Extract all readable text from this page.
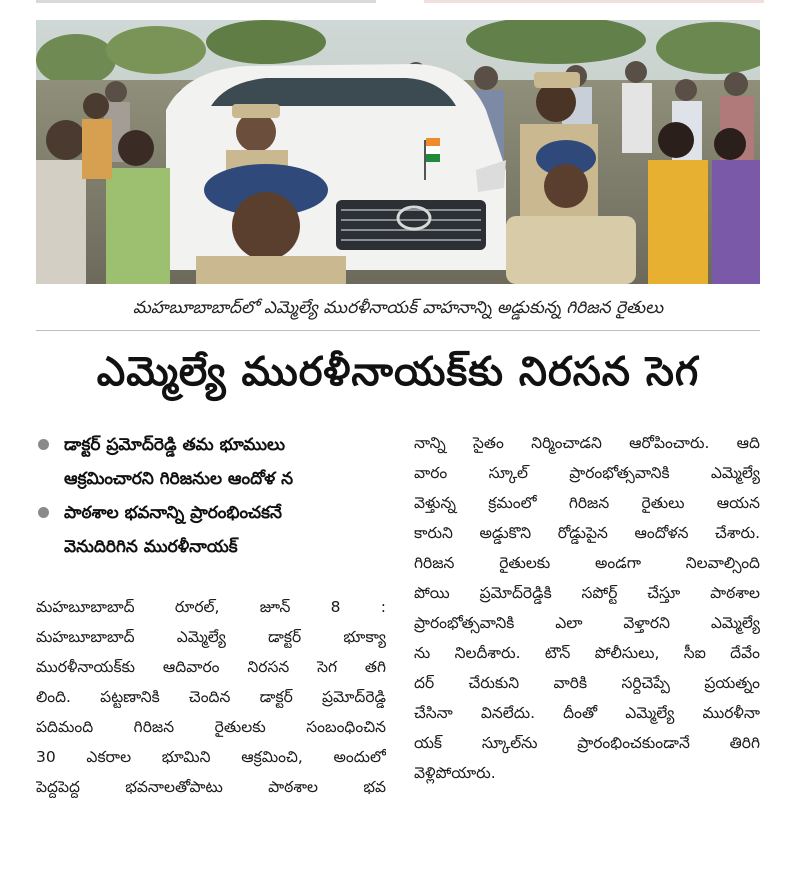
మహబూబాబాద్‌లో ఎమ్మెల్యే మురళీనాయక్ వాహనాన్ని అడ్డుకున్న గిరిజన రైతులు
ఎమ్మెల్యే మురళీనాయక్‌కు నిరసన సెగ
డాక్టర్ ప్రమోద్‌రెడ్డి తమ భూములు
ఆక్రమించారని గిరిజనుల ఆందోళ న
పాఠశాల భవనాన్ని ప్రారంభించకనే
వెనుదిరిగిన మురళీనాయక్
మహబూబాబాద్ రూరల్, జూన్ 8 :
మహబూబాబాద్ ఎమ్మెల్యే డాక్టర్ భూక్యా
మురళీనాయక్‌కు ఆదివారం నిరసన సెగ తగి
లింది. పట్టణానికి చెందిన డాక్టర్ ప్రమోద్‌రెడ్డి
పదిమంది గిరిజన రైతులకు సంబంధించిన
30 ఎకరాల భూమిని ఆక్రమించి, అందులో
పెద్దపెద్ద భవనాలతోపాటు పాఠశాల భవ
నాన్ని సైతం నిర్మించాడని ఆరోపించారు. ఆది
వారం స్కూల్ ప్రారంభోత్సవానికి ఎమ్మెల్యే
వెళ్తున్న క్రమంలో గిరిజన రైతులు ఆయన
కారుని అడ్డుకొని రోడ్డుపైన ఆందోళన చేశారు.
గిరిజన రైతులకు అండగా నిలవాల్సింది
పోయి ప్రమోద్‌రెడ్డికి సపోర్ట్ చేస్తూ పాఠశాల
ప్రారంభోత్సవానికి ఎలా వెళ్తారని ఎమ్మెల్యే
ను నిలదీశారు. టౌన్ పోలీసులు, సీఐ దేవేం
దర్ చేరుకుని వారికి సర్దిచెప్పే ప్రయత్నం
చేసినా వినలేదు. దీంతో ఎమ్మెల్యే మురళీనా
యక్ స్కూల్‌ను ప్రారంభించకుండానే తిరిగి
వెళ్లిపోయారు.
